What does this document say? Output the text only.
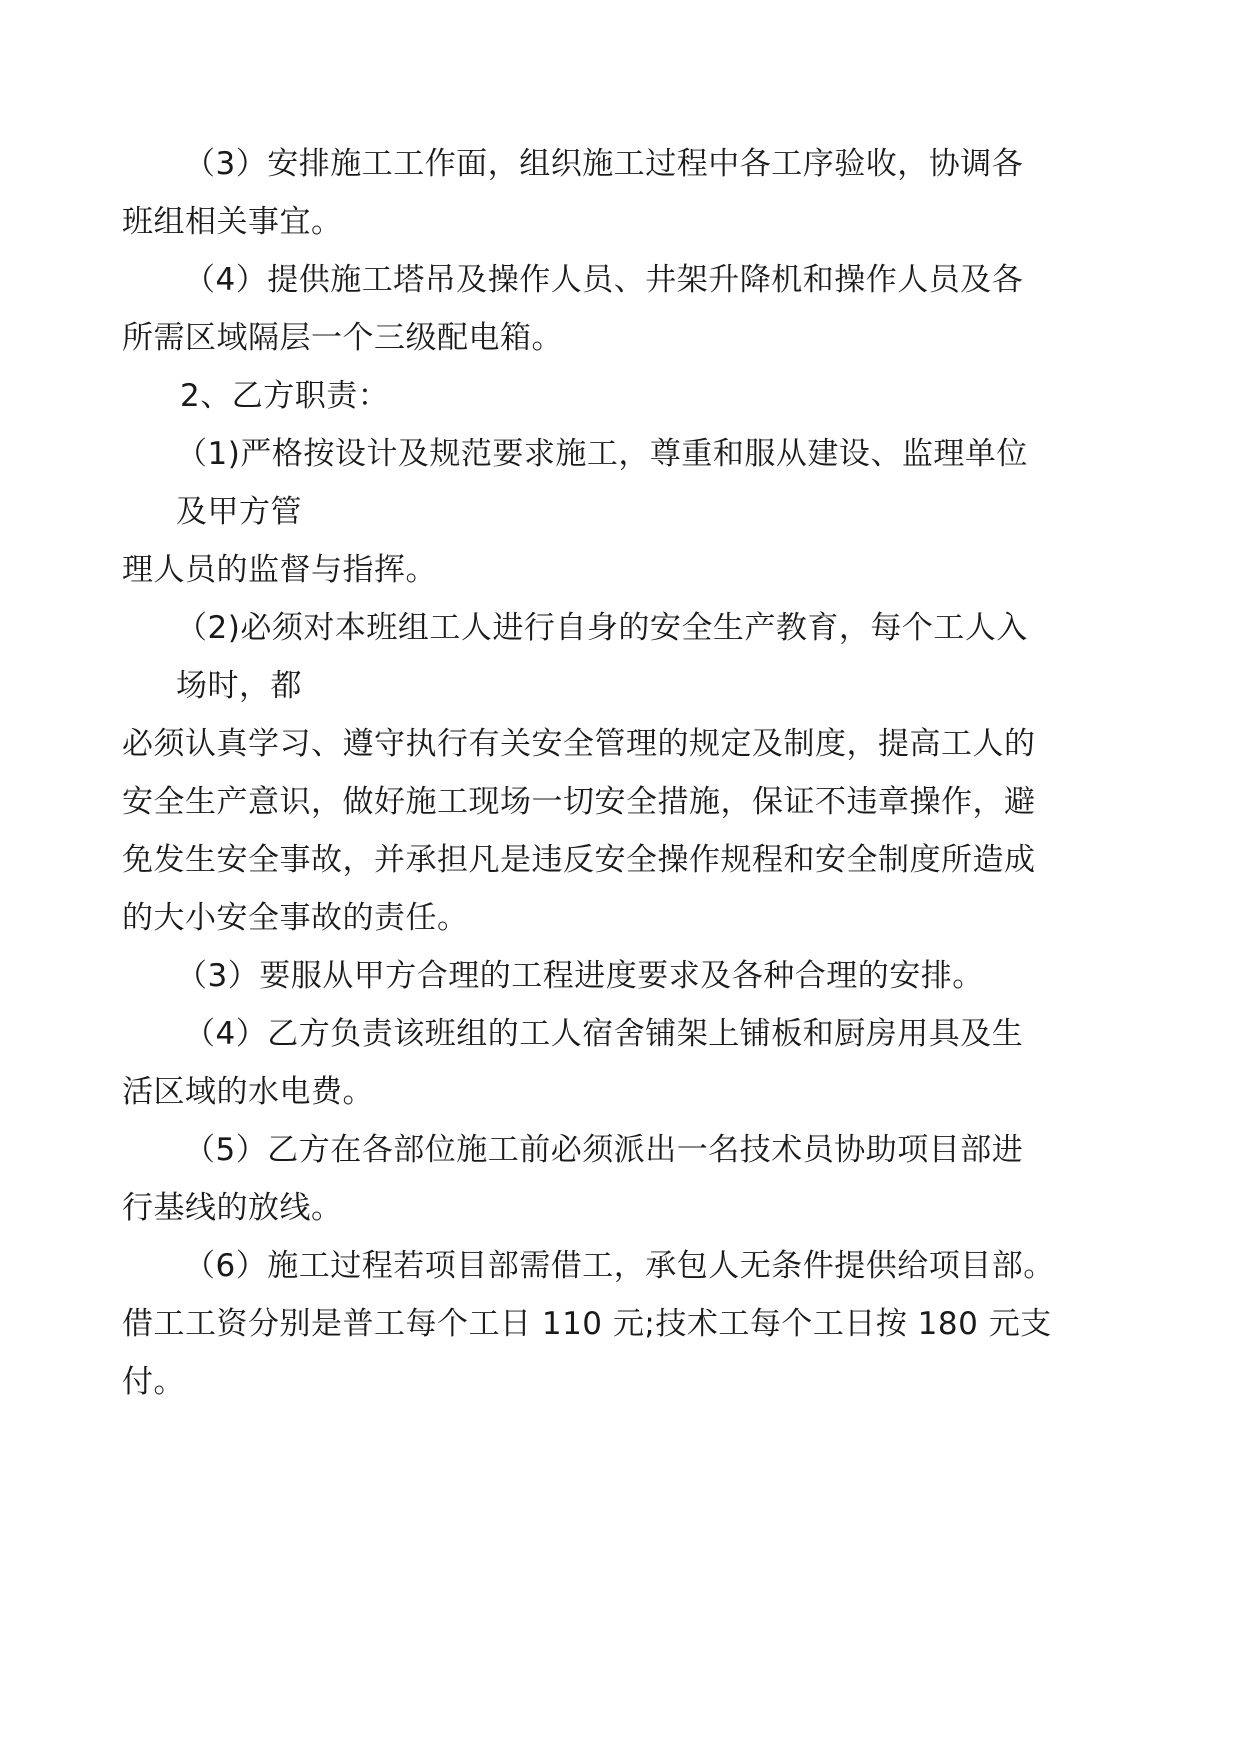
（3）安排施工工作面，组织施工过程中各工序验收，协调各
班组相关事宜。
（4）提供施工塔吊及操作人员、井架升降机和操作人员及各
所需区域隔层一个三级配电箱。
2、乙方职责：
（1)严格按设计及规范要求施工，尊重和服从建设、监理单位
及甲方管
理人员的监督与指挥。
（2)必须对本班组工人进行自身的安全生产教育，每个工人入
场时，都
必须认真学习、遵守执行有关安全管理的规定及制度，提高工人的
安全生产意识，做好施工现场一切安全措施，保证不违章操作，避
免发生安全事故，并承担凡是违反安全操作规程和安全制度所造成
的大小安全事故的责任。
（3）要服从甲方合理的工程进度要求及各种合理的安排。
（4）乙方负责该班组的工人宿舍铺架上铺板和厨房用具及生
活区域的水电费。
（5）乙方在各部位施工前必须派出一名技术员协助项目部进
行基线的放线。
（6）施工过程若项目部需借工，承包人无条件提供给项目部。
借工工资分别是普工每个工日 110 元;技术工每个工日按 180 元支
付。
